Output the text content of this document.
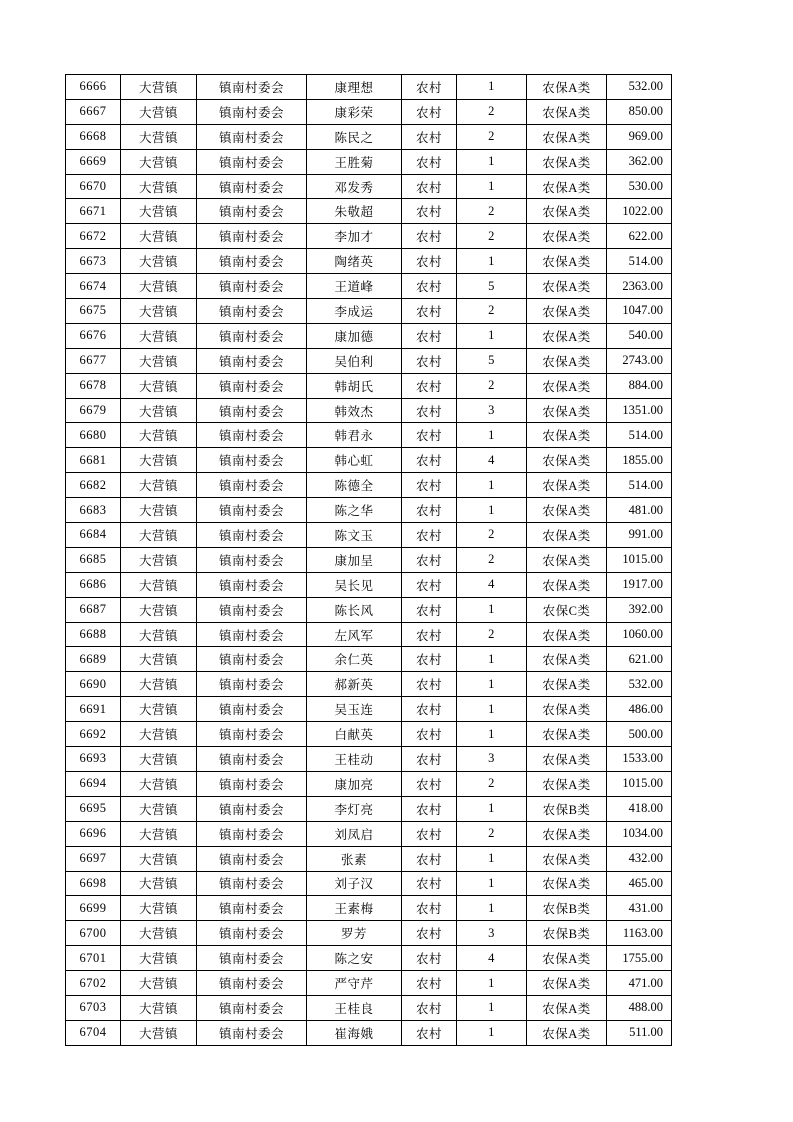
6666	大营镇	镇南村委会	康理想	农村	1	农保A类	532.00
6667	大营镇	镇南村委会	康彩荣	农村	2	农保A类	850.00
6668	大营镇	镇南村委会	陈民之	农村	2	农保A类	969.00
6669	大营镇	镇南村委会	王胜菊	农村	1	农保A类	362.00
6670	大营镇	镇南村委会	邓发秀	农村	1	农保A类	530.00
6671	大营镇	镇南村委会	朱敬超	农村	2	农保A类	1022.00
6672	大营镇	镇南村委会	李加才	农村	2	农保A类	622.00
6673	大营镇	镇南村委会	陶绪英	农村	1	农保A类	514.00
6674	大营镇	镇南村委会	王道峰	农村	5	农保A类	2363.00
6675	大营镇	镇南村委会	李成运	农村	2	农保A类	1047.00
6676	大营镇	镇南村委会	康加德	农村	1	农保A类	540.00
6677	大营镇	镇南村委会	吴伯利	农村	5	农保A类	2743.00
6678	大营镇	镇南村委会	韩胡氏	农村	2	农保A类	884.00
6679	大营镇	镇南村委会	韩效杰	农村	3	农保A类	1351.00
6680	大营镇	镇南村委会	韩君永	农村	1	农保A类	514.00
6681	大营镇	镇南村委会	韩心虹	农村	4	农保A类	1855.00
6682	大营镇	镇南村委会	陈德全	农村	1	农保A类	514.00
6683	大营镇	镇南村委会	陈之华	农村	1	农保A类	481.00
6684	大营镇	镇南村委会	陈文玉	农村	2	农保A类	991.00
6685	大营镇	镇南村委会	康加呈	农村	2	农保A类	1015.00
6686	大营镇	镇南村委会	吴长见	农村	4	农保A类	1917.00
6687	大营镇	镇南村委会	陈长风	农村	1	农保C类	392.00
6688	大营镇	镇南村委会	左风军	农村	2	农保A类	1060.00
6689	大营镇	镇南村委会	余仁英	农村	1	农保A类	621.00
6690	大营镇	镇南村委会	郝新英	农村	1	农保A类	532.00
6691	大营镇	镇南村委会	吴玉连	农村	1	农保A类	486.00
6692	大营镇	镇南村委会	白献英	农村	1	农保A类	500.00
6693	大营镇	镇南村委会	王桂动	农村	3	农保A类	1533.00
6694	大营镇	镇南村委会	康加亮	农村	2	农保A类	1015.00
6695	大营镇	镇南村委会	李灯亮	农村	1	农保B类	418.00
6696	大营镇	镇南村委会	刘凤启	农村	2	农保A类	1034.00
6697	大营镇	镇南村委会	张素	农村	1	农保A类	432.00
6698	大营镇	镇南村委会	刘子汉	农村	1	农保A类	465.00
6699	大营镇	镇南村委会	王素梅	农村	1	农保B类	431.00
6700	大营镇	镇南村委会	罗芳	农村	3	农保B类	1163.00
6701	大营镇	镇南村委会	陈之安	农村	4	农保A类	1755.00
6702	大营镇	镇南村委会	严守芹	农村	1	农保A类	471.00
6703	大营镇	镇南村委会	王桂良	农村	1	农保A类	488.00
6704	大营镇	镇南村委会	崔海娥	农村	1	农保A类	511.00
